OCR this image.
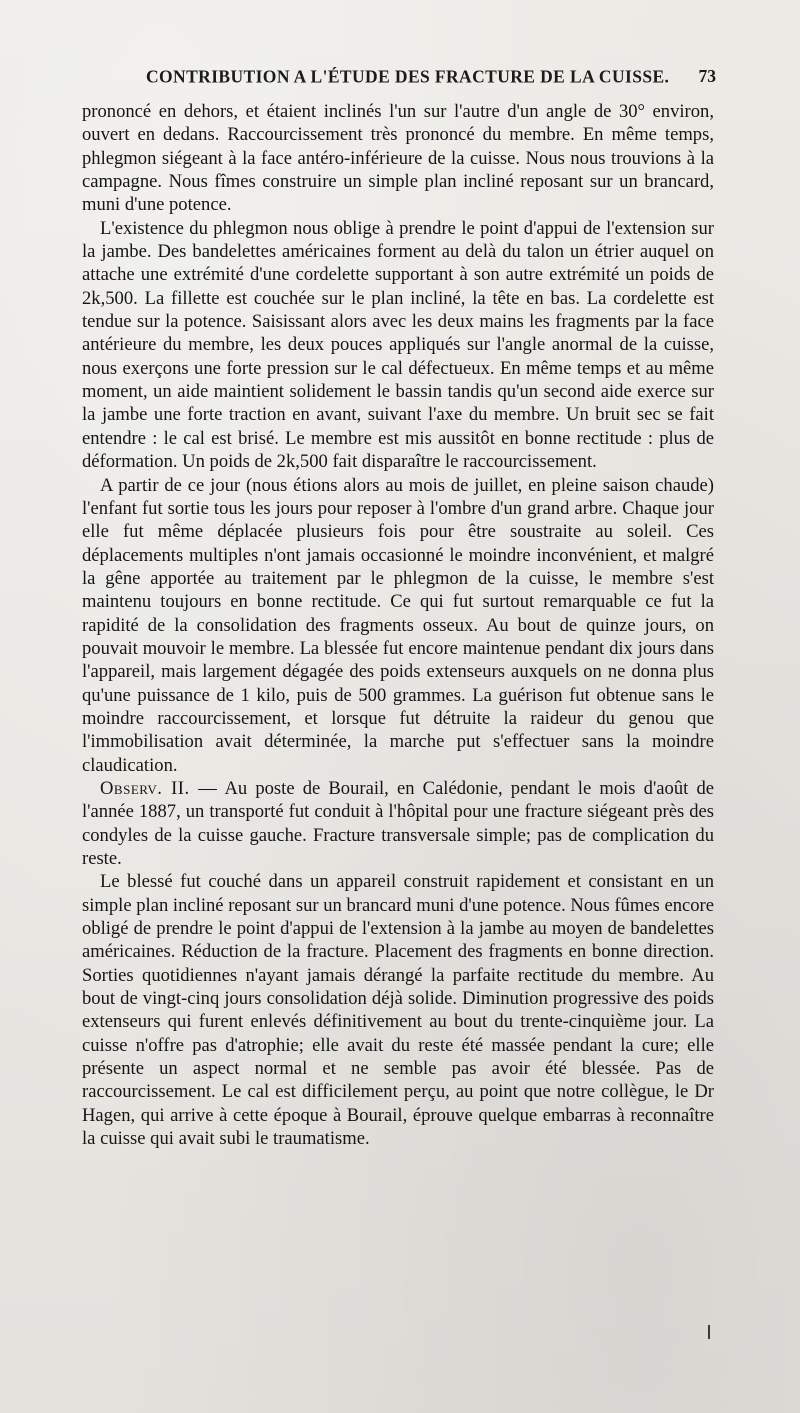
CONTRIBUTION A L'ÉTUDE DES FRACTURE DE LA CUISSE. 73

prononcé en dehors, et étaient inclinés l'un sur l'autre d'un angle de 30° environ, ouvert en dedans. Raccourcissement très prononcé du membre. En même temps, phlegmon siégeant à la face antéro-inférieure de la cuisse. Nous nous trouvions à la campagne. Nous fîmes construire un simple plan incliné reposant sur un brancard, muni d'une potence.

L'existence du phlegmon nous oblige à prendre le point d'appui de l'extension sur la jambe. Des bandelettes américaines forment au delà du talon un étrier auquel on attache une extrémité d'une cordelette supportant à son autre extrémité un poids de 2k,500. La fillette est couchée sur le plan incliné, la tête en bas. La cordelette est tendue sur la potence. Saisissant alors avec les deux mains les fragments par la face antérieure du membre, les deux pouces appliqués sur l'angle anormal de la cuisse, nous exerçons une forte pression sur le cal défectueux. En même temps et au même moment, un aide maintient solidement le bassin tandis qu'un second aide exerce sur la jambe une forte traction en avant, suivant l'axe du membre. Un bruit sec se fait entendre : le cal est brisé. Le membre est mis aussitôt en bonne rectitude : plus de déformation. Un poids de 2k,500 fait disparaître le raccourcissement.

A partir de ce jour (nous étions alors au mois de juillet, en pleine saison chaude) l'enfant fut sortie tous les jours pour reposer à l'ombre d'un grand arbre. Chaque jour elle fut même déplacée plusieurs fois pour être soustraite au soleil. Ces déplacements multiples n'ont jamais occasionné le moindre inconvénient, et malgré la gêne apportée au traitement par le phlegmon de la cuisse, le membre s'est maintenu toujours en bonne rectitude. Ce qui fut surtout remarquable ce fut la rapidité de la consolidation des fragments osseux. Au bout de quinze jours, on pouvait mouvoir le membre. La blessée fut encore maintenue pendant dix jours dans l'appareil, mais largement dégagée des poids extenseurs auxquels on ne donna plus qu'une puissance de 1 kilo, puis de 500 grammes. La guérison fut obtenue sans le moindre raccourcissement, et lorsque fut détruite la raideur du genou que l'immobilisation avait déterminée, la marche put s'effectuer sans la moindre claudication.

Observ. II. — Au poste de Bourail, en Calédonie, pendant le mois d'août de l'année 1887, un transporté fut conduit à l'hôpital pour une fracture siégeant près des condyles de la cuisse gauche. Fracture transversale simple; pas de complication du reste.

Le blessé fut couché dans un appareil construit rapidement et consistant en un simple plan incliné reposant sur un brancard muni d'une potence. Nous fûmes encore obligé de prendre le point d'appui de l'extension à la jambe au moyen de bandelettes américaines. Réduction de la fracture. Placement des fragments en bonne direction. Sorties quotidiennes n'ayant jamais dérangé la parfaite rectitude du membre. Au bout de vingt-cinq jours consolidation déjà solide. Diminution progressive des poids extenseurs qui furent enlevés définitivement au bout du trente-cinquième jour. La cuisse n'offre pas d'atrophie; elle avait du reste été massée pendant la cure; elle présente un aspect normal et ne semble pas avoir été blessée. Pas de raccourcissement. Le cal est difficilement perçu, au point que notre collègue, le Dr Hagen, qui arrive à cette époque à Bourail, éprouve quelque embarras à reconnaître la cuisse qui avait subi le traumatisme.
